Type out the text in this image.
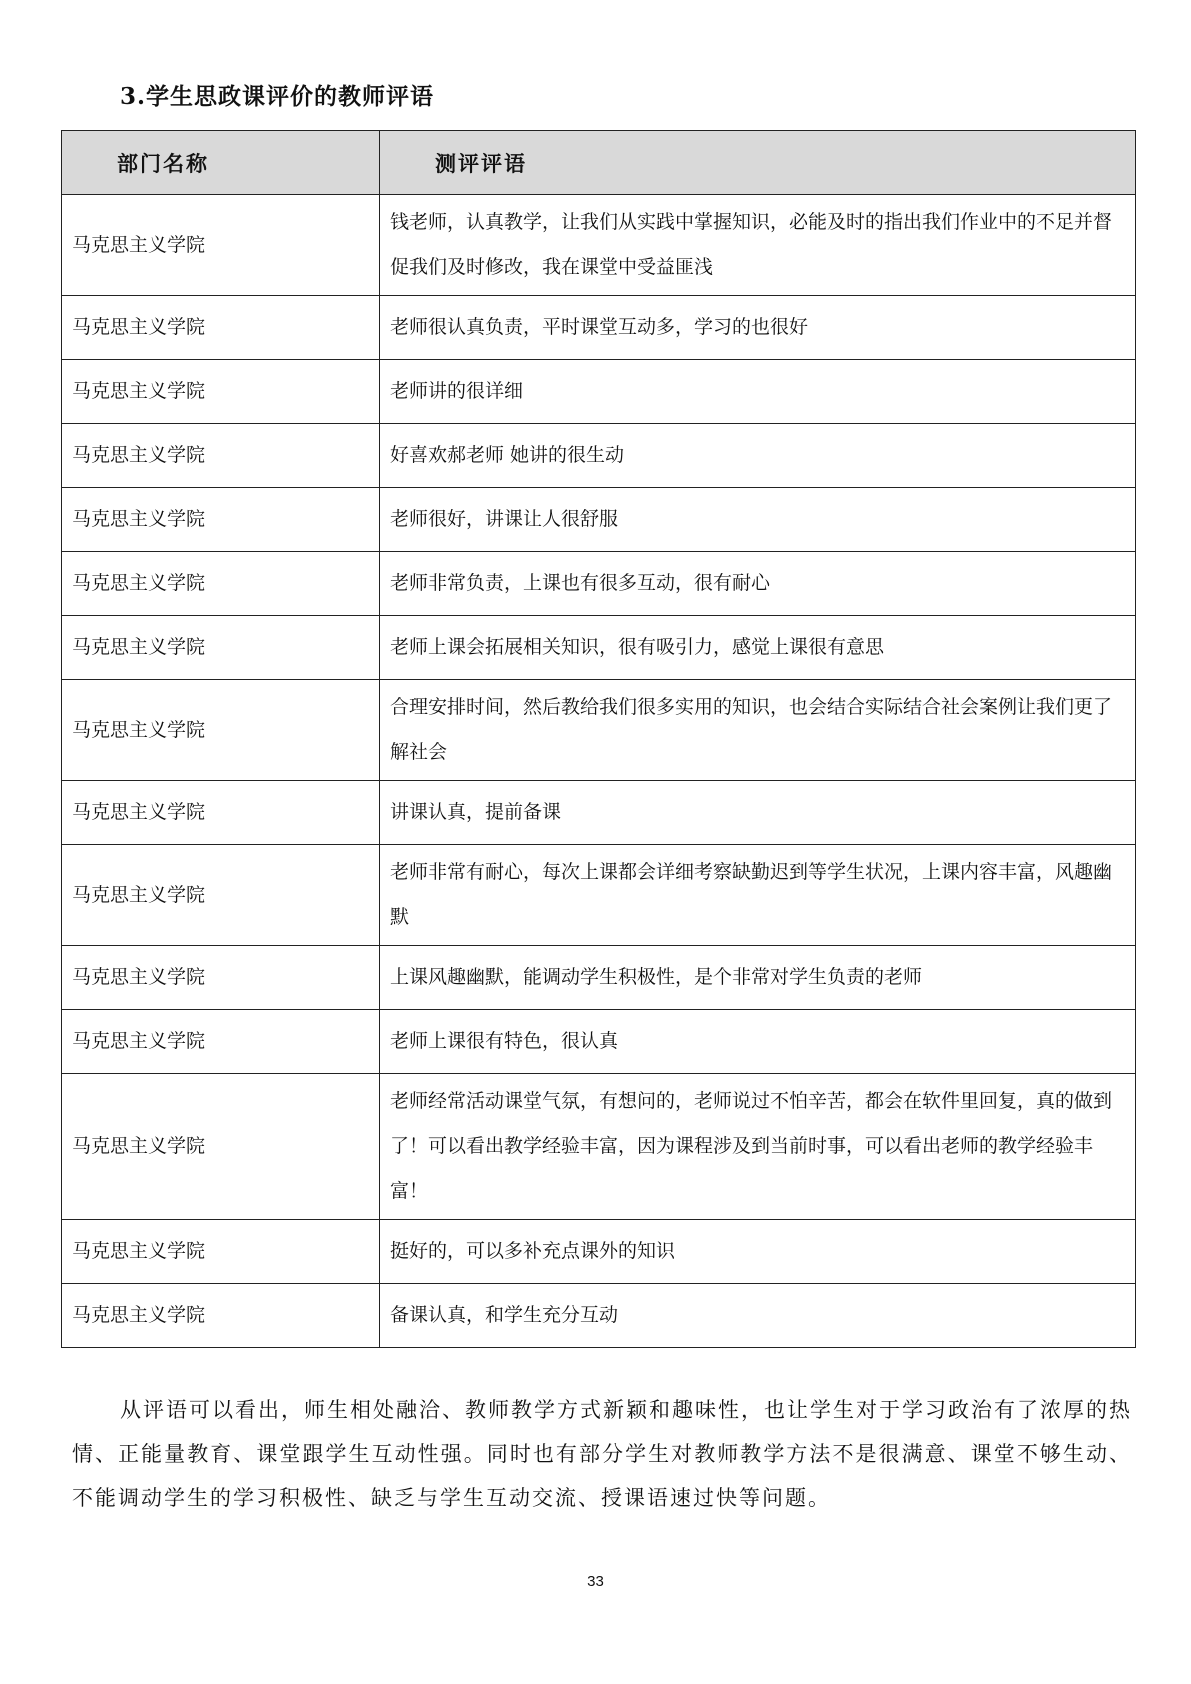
3.学生思政课评价的教师评语
部门名称	测评评语
马克思主义学院	钱老师，认真教学，让我们从实践中掌握知识，必能及时的指出我们作业中的不足并督促我们及时修改，我在课堂中受益匪浅
马克思主义学院	老师很认真负责，平时课堂互动多，学习的也很好
马克思主义学院	老师讲的很详细
马克思主义学院	好喜欢郝老师 她讲的很生动
马克思主义学院	老师很好，讲课让人很舒服
马克思主义学院	老师非常负责，上课也有很多互动，很有耐心
马克思主义学院	老师上课会拓展相关知识，很有吸引力，感觉上课很有意思
马克思主义学院	合理安排时间，然后教给我们很多实用的知识，也会结合实际结合社会案例让我们更了解社会
马克思主义学院	讲课认真，提前备课
马克思主义学院	老师非常有耐心，每次上课都会详细考察缺勤迟到等学生状况，上课内容丰富，风趣幽默
马克思主义学院	上课风趣幽默，能调动学生积极性，是个非常对学生负责的老师
马克思主义学院	老师上课很有特色，很认真
马克思主义学院	老师经常活动课堂气氛，有想问的，老师说过不怕辛苦，都会在软件里回复，真的做到了！可以看出教学经验丰富，因为课程涉及到当前时事，可以看出老师的教学经验丰富！
马克思主义学院	挺好的，可以多补充点课外的知识
马克思主义学院	备课认真，和学生充分互动

从评语可以看出，师生相处融洽、教师教学方式新颖和趣味性，也让学生对于学习政治有了浓厚的热情、正能量教育、课堂跟学生互动性强。同时也有部分学生对教师教学方法不是很满意、课堂不够生动、不能调动学生的学习积极性、缺乏与学生互动交流、授课语速过快等问题。

33
